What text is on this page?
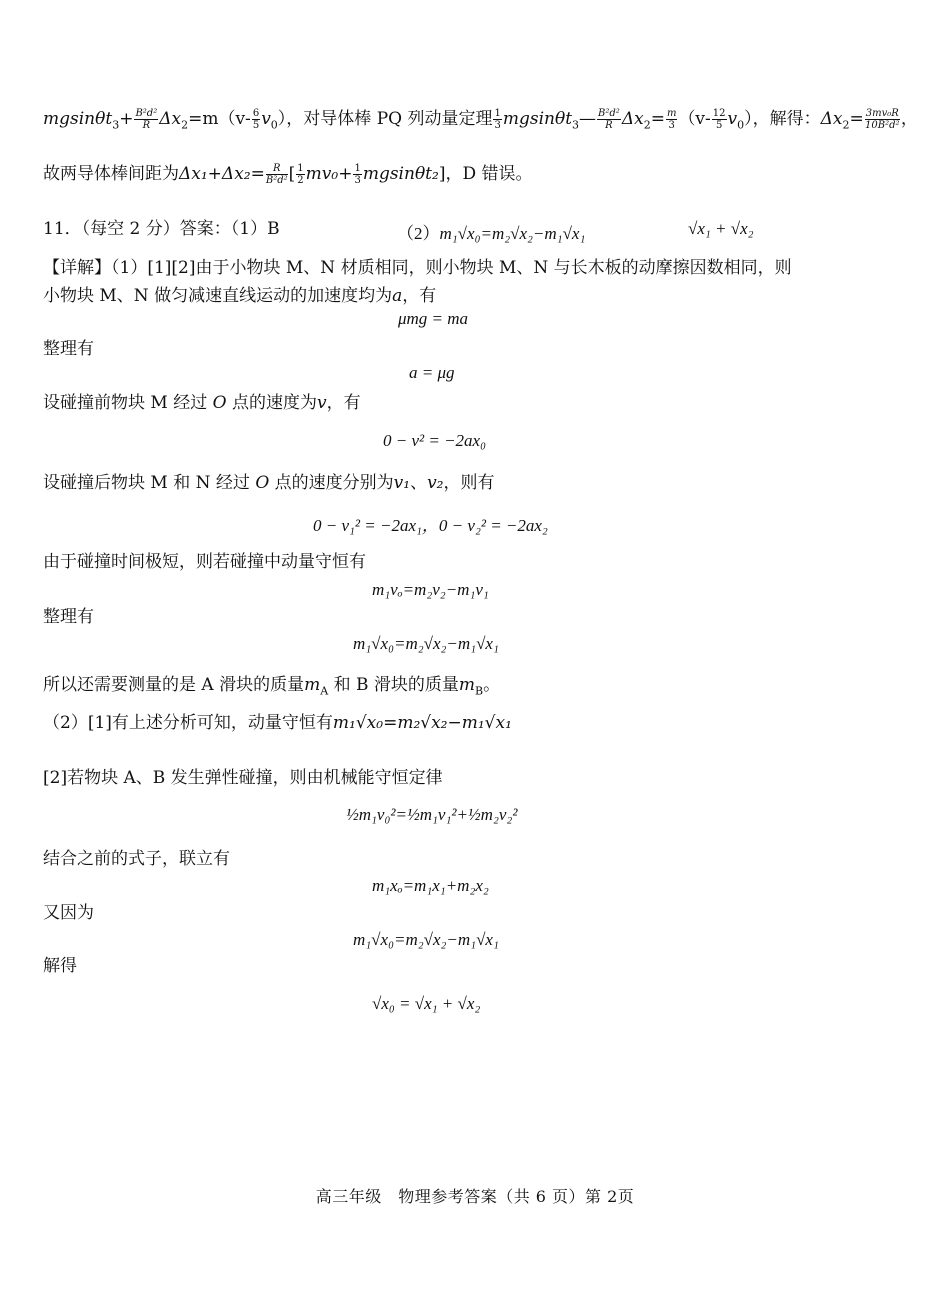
$mgsin\theta t_3+ \frac{\text{B²d²}}{R} \Delta x_2=m(v- \frac{6}{5} v_0)$，对导体棒 PQ 列动量定理 $\frac{1}{3}$ mgsinθt$_3$— $\frac{\text{B²d²}}{R} \Delta x_2= \frac{m}{3} (v- \frac{12}{5} v_0)$，解得：$\Delta x_2= \frac{\text{3mv₀R}}{\text{10B²d²}}$ ，
故两导体棒间距为$\Delta x_1+\Delta x_2= \frac{R}{\text{B²d²}}$ [ $\frac{1}{2} mv_0+ \frac{1}{3} mgsin\theta t_2$]，D 错误。
11．（每空 2 分）答案：（1）B	（2）m₁√x₀=m₂√x₂−m₁√x₁	√x₁ + √x₂
【详解】（1）[1][2]由于小物块 M、N 材质相同，则小物块 M、N 与长木板的动摩擦因数相同，则
小物块 M、N 做匀减速直线运动的加速度均为a，有
μmg = ma
整理有
a = μg
设碰撞前物块 M 经过 O 点的速度为v，有
0 − v² = −2ax₀
设碰撞后物块 M 和 N 经过 O 点的速度分别为v₁、v₂，则有
0 − v₁² = −2ax₁，0 − v₂² = −2ax₂
由于碰撞时间极短，则若碰撞中动量守恒有
m₁vₒ=m₂v₂−m₁v₁
整理有
m₁√x₀=m₂√x₂−m₁√x₁
所以还需要测量的是 A 滑块的质量$m_A$ 和 B 滑块的质量$m_B$。
（2）[1]有上述分析可知，动量守恒有m₁√x₀=m₂√x₂−m₁√x₁
[2]若物块 A、B 发生弹性碰撞，则由机械能守恒定律
½m₁v₀²=½m₁v₁²+½m₂v₂²
结合之前的式子，联立有
m₁xₒ=m₁x₁+m₂x₂
又因为
m₁√x₀=m₂√x₂−m₁√x₁
解得
√x₀ = √x₁ + √x₂
高三年级　物理参考答案（共 6 页）第 2页
